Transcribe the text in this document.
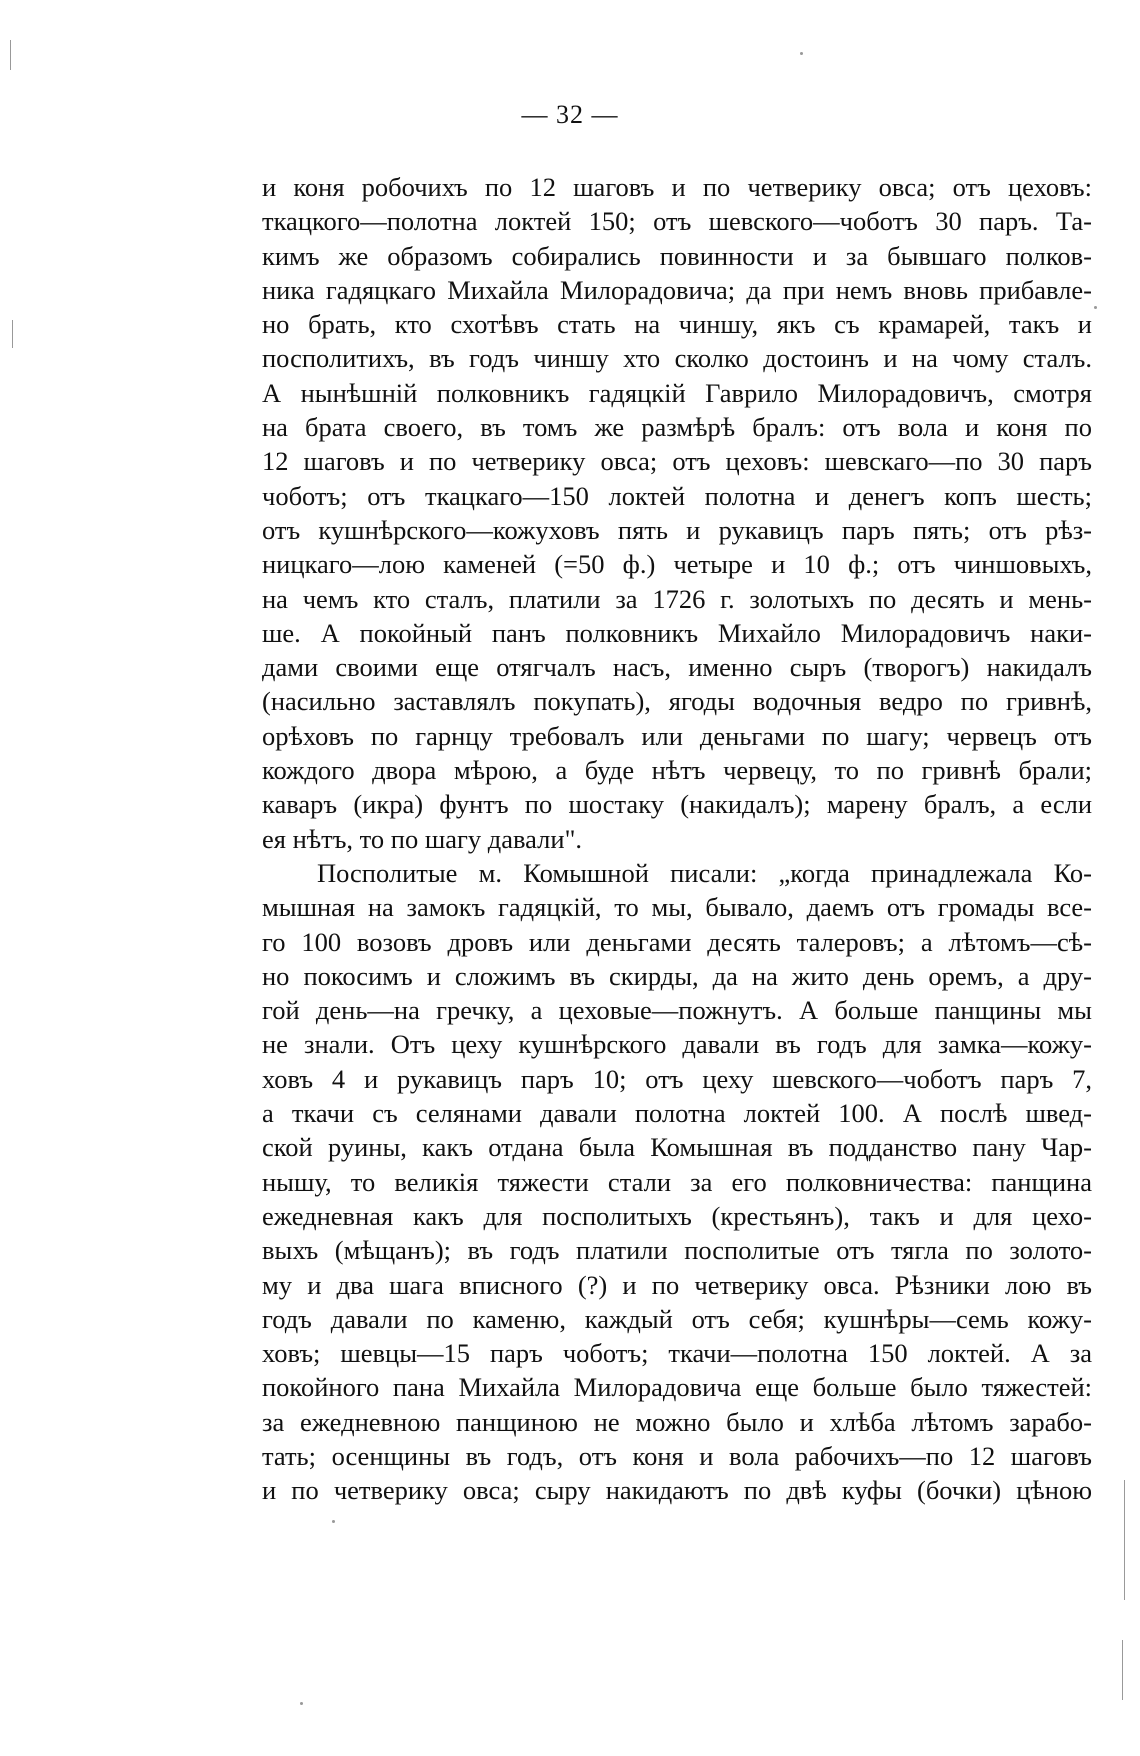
— 32 —
и коня робочихъ по 12 шаговъ и по четверику овса; отъ цеховъ:
ткацкого—полотна локтей 150; отъ шевского—чоботъ 30 паръ. Та-
кимъ же образомъ собирались повинности и за бывшаго полков-
ника гадяцкаго Михайла Милорадовича; да при немъ вновь прибавле-
но брать, кто схотѣвъ стать на чиншу, якъ съ крамарей, такъ и
посполитихъ, въ годъ чиншу хто сколко достоинъ и на чому сталъ.
А нынѣшній полковникъ гадяцкій Гаврило Милорадовичъ, смотря
на брата своего, въ томъ же размѣрѣ бралъ: отъ вола и коня по
12 шаговъ и по четверику овса; отъ цеховъ: шевскаго—по 30 паръ
чоботъ; отъ ткацкаго—150 локтей полотна и денегъ копъ шесть;
отъ кушнѣрского—кожуховъ пять и рукавицъ паръ пять; отъ рѣз-
ницкаго—лою каменей (=50 ф.) четыре и 10 ф.; отъ чиншовыхъ,
на чемъ кто сталъ, платили за 1726 г. золотыхъ по десять и мень-
ше. А покойный панъ полковникъ Михайло Милорадовичъ наки-
дами своими еще отягчалъ насъ, именно сыръ (творогъ) накидалъ
(насильно заставлялъ покупать), ягоды водочныя ведро по гривнѣ,
орѣховъ по гарнцу требовалъ или деньгами по шагу; червецъ отъ
кождого двора мѣрою, а буде нѣтъ червецу, то по гривнѣ брали;
каваръ (икра) фунтъ по шостаку (накидалъ); марену бралъ, а если
ея нѣтъ, то по шагу давали".
Посполитые м. Комышной писали: „когда принадлежала Ко-
мышная на замокъ гадяцкій, то мы, бывало, даемъ отъ громады все-
го 100 возовъ дровъ или деньгами десять талеровъ; а лѣтомъ—сѣ-
но покосимъ и сложимъ въ скирды, да на жито день оремъ, а дру-
гой день—на гречку, а цеховые—пожнутъ. А больше панщины мы
не знали. Отъ цеху кушнѣрского давали въ годъ для замка—кожу-
ховъ 4 и рукавицъ паръ 10; отъ цеху шевского—чоботъ паръ 7,
а ткачи съ селянами давали полотна локтей 100. А послѣ швед-
ской руины, какъ отдана была Комышная въ подданство пану Чар-
нышу, то великія тяжести стали за его полковничества: панщина
ежедневная какъ для посполитыхъ (крестьянъ), такъ и для цехо-
выхъ (мѣщанъ); въ годъ платили посполитые отъ тягла по золото-
му и два шага вписного (?) и по четверику овса. Рѣзники лою въ
годъ давали по каменю, каждый отъ себя; кушнѣры—семь кожу-
ховъ; шевцы—15 паръ чоботъ; ткачи—полотна 150 локтей. А за
покойного пана Михайла Милорадовича еще больше было тяжестей:
за ежедневною панщиною не можно было и хлѣба лѣтомъ зарабо-
тать; осенщины въ годъ, отъ коня и вола рабочихъ—по 12 шаговъ
и по четверику овса; сыру накидаютъ по двѣ куфы (бочки) цѣною
